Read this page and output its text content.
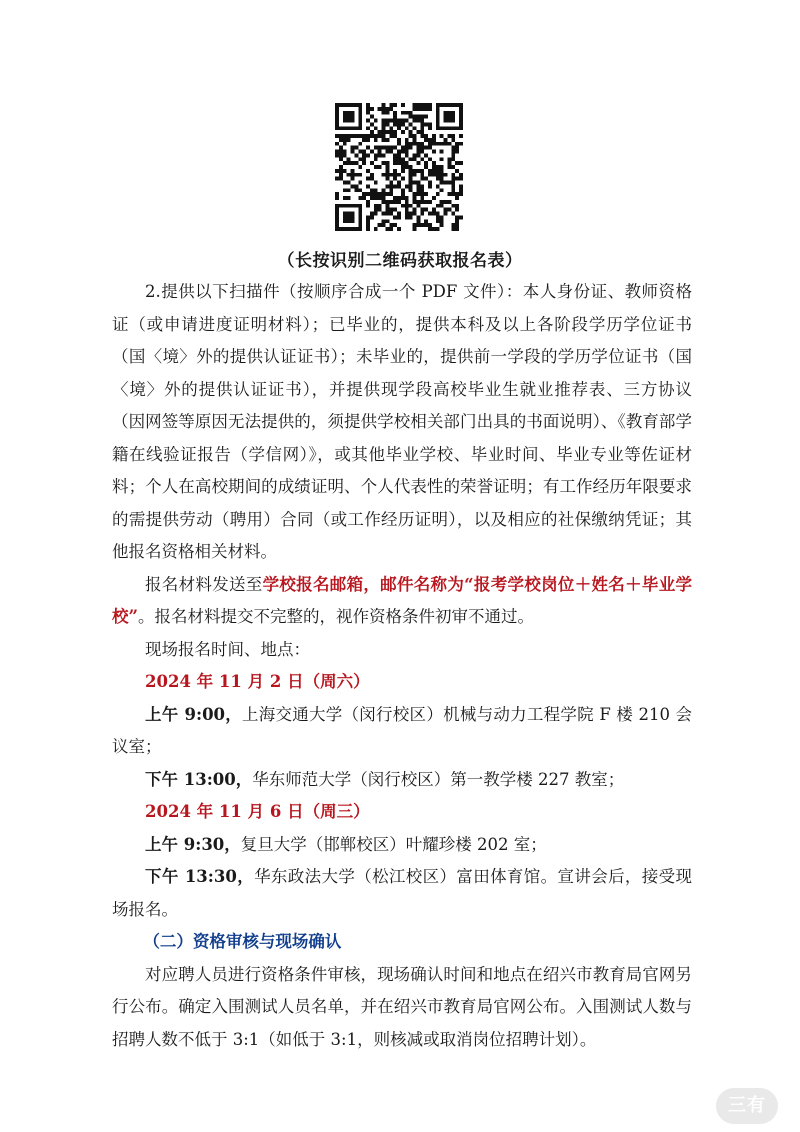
（长按识别二维码获取报名表）

2.提供以下扫描件（按顺序合成一个 PDF 文件）：本人身份证、教师资格证（或申请进度证明材料）；已毕业的，提供本科及以上各阶段学历学位证书（国〈境〉外的提供认证证书）；未毕业的，提供前一学段的学历学位证书（国〈境〉外的提供认证证书），并提供现学段高校毕业生就业推荐表、三方协议（因网签等原因无法提供的，须提供学校相关部门出具的书面说明）、《教育部学籍在线验证报告（学信网）》，或其他毕业学校、毕业时间、毕业专业等佐证材料；个人在高校期间的成绩证明、个人代表性的荣誉证明；有工作经历年限要求的需提供劳动（聘用）合同（或工作经历证明），以及相应的社保缴纳凭证；其他报名资格相关材料。

报名材料发送至学校报名邮箱，邮件名称为“报考学校岗位＋姓名＋毕业学校”。报名材料提交不完整的，视作资格条件初审不通过。

现场报名时间、地点：

2024 年 11 月 2 日（周六）

上午 9:00，上海交通大学（闵行校区）机械与动力工程学院 F 楼 210 会议室；

下午 13:00，华东师范大学（闵行校区）第一教学楼 227 教室；

2024 年 11 月 6 日（周三）

上午 9:30，复旦大学（邯郸校区）叶耀珍楼 202 室；

下午 13:30，华东政法大学（松江校区）富田体育馆。宣讲会后，接受现场报名。

（二）资格审核与现场确认

对应聘人员进行资格条件审核，现场确认时间和地点在绍兴市教育局官网另行公布。确定入围测试人员名单，并在绍兴市教育局官网公布。入围测试人数与招聘人数不低于 3:1（如低于 3:1，则核减或取消岗位招聘计划）。

三有
